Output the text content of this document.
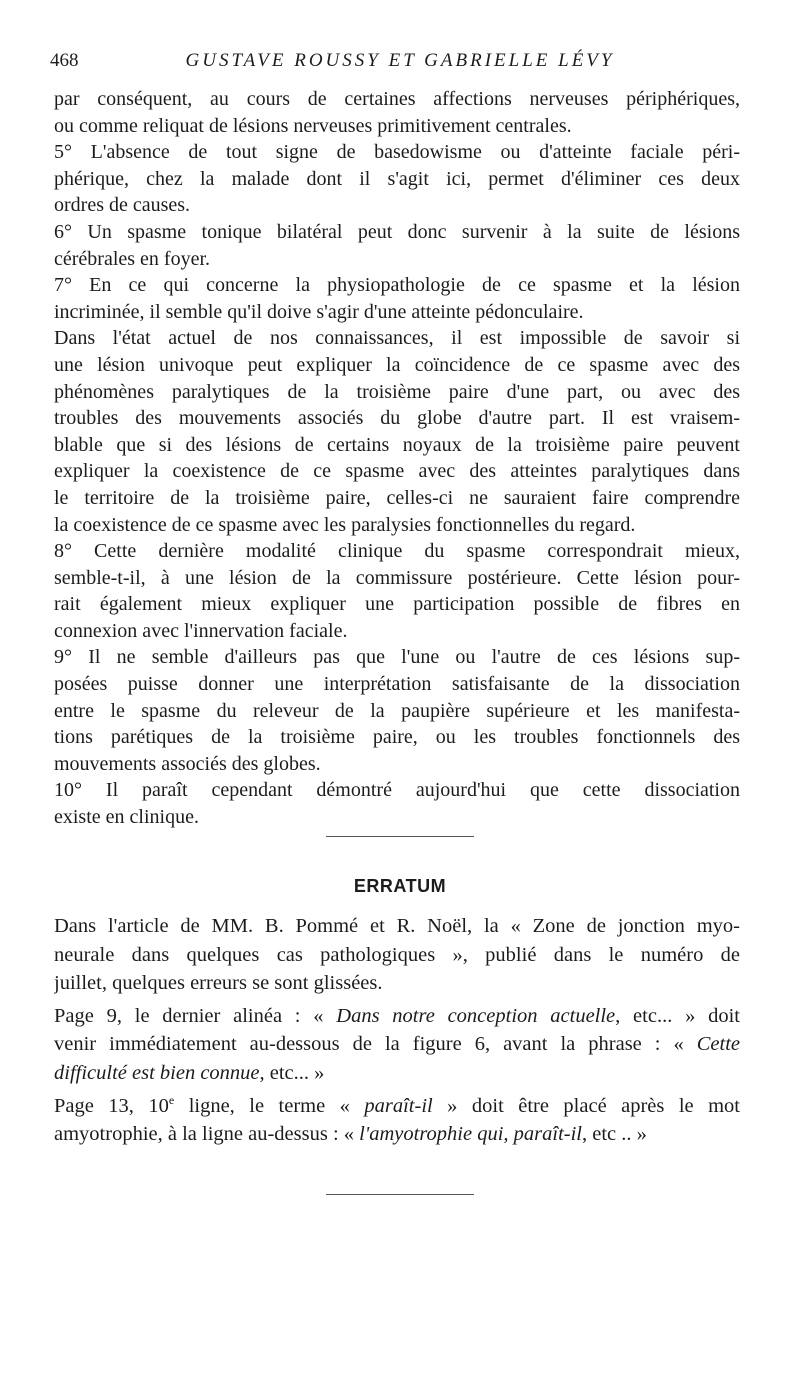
468	GUSTAVE ROUSSY ET GABRIELLE LÉVY
par conséquent, au cours de certaines affections nerveuses périphériques,
ou comme reliquat de lésions nerveuses primitivement centrales.
5° L'absence de tout signe de basedowisme ou d'atteinte faciale péri-
phérique, chez la malade dont il s'agit ici, permet d'éliminer ces deux
ordres de causes.
6° Un spasme tonique bilatéral peut donc survenir à la suite de lésions
cérébrales en foyer.
7° En ce qui concerne la physiopathologie de ce spasme et la lésion
incriminée, il semble qu'il doive s'agir d'une atteinte pédonculaire.
Dans l'état actuel de nos connaissances, il est impossible de savoir si
une lésion univoque peut expliquer la coïncidence de ce spasme avec des
phénomènes paralytiques de la troisième paire d'une part, ou avec des
troubles des mouvements associés du globe d'autre part. Il est vraisem-
blable que si des lésions de certains noyaux de la troisième paire peuvent
expliquer la coexistence de ce spasme avec des atteintes paralytiques dans
le territoire de la troisième paire, celles-ci ne sauraient faire comprendre
la coexistence de ce spasme avec les paralysies fonctionnelles du regard.
8° Cette dernière modalité clinique du spasme correspondrait mieux,
semble-t-il, à une lésion de la commissure postérieure. Cette lésion pour-
rait également mieux expliquer une participation possible de fibres en
connexion avec l'innervation faciale.
9° Il ne semble d'ailleurs pas que l'une ou l'autre de ces lésions sup-
posées puisse donner une interprétation satisfaisante de la dissociation
entre le spasme du releveur de la paupière supérieure et les manifesta-
tions parétiques de la troisième paire, ou les troubles fonctionnels des
mouvements associés des globes.
10° Il paraît cependant démontré aujourd'hui que cette dissociation
existe en clinique.
ERRATUM
Dans l'article de MM. B. Pommé et R. Noël, la « Zone de jonction myo-
neurale dans quelques cas pathologiques », publié dans le numéro de
juillet, quelques erreurs se sont glissées.
Page 9, le dernier alinéa : « Dans notre conception actuelle, etc... » doit
venir immédiatement au-dessous de la figure 6, avant la phrase : « Cette
difficulté est bien connue, etc... »
Page 13, 10e ligne, le terme « paraît-il » doit être placé après le mot
amyotrophie, à la ligne au-dessus : « l'amyotrophie qui, paraît-il, etc .. »
